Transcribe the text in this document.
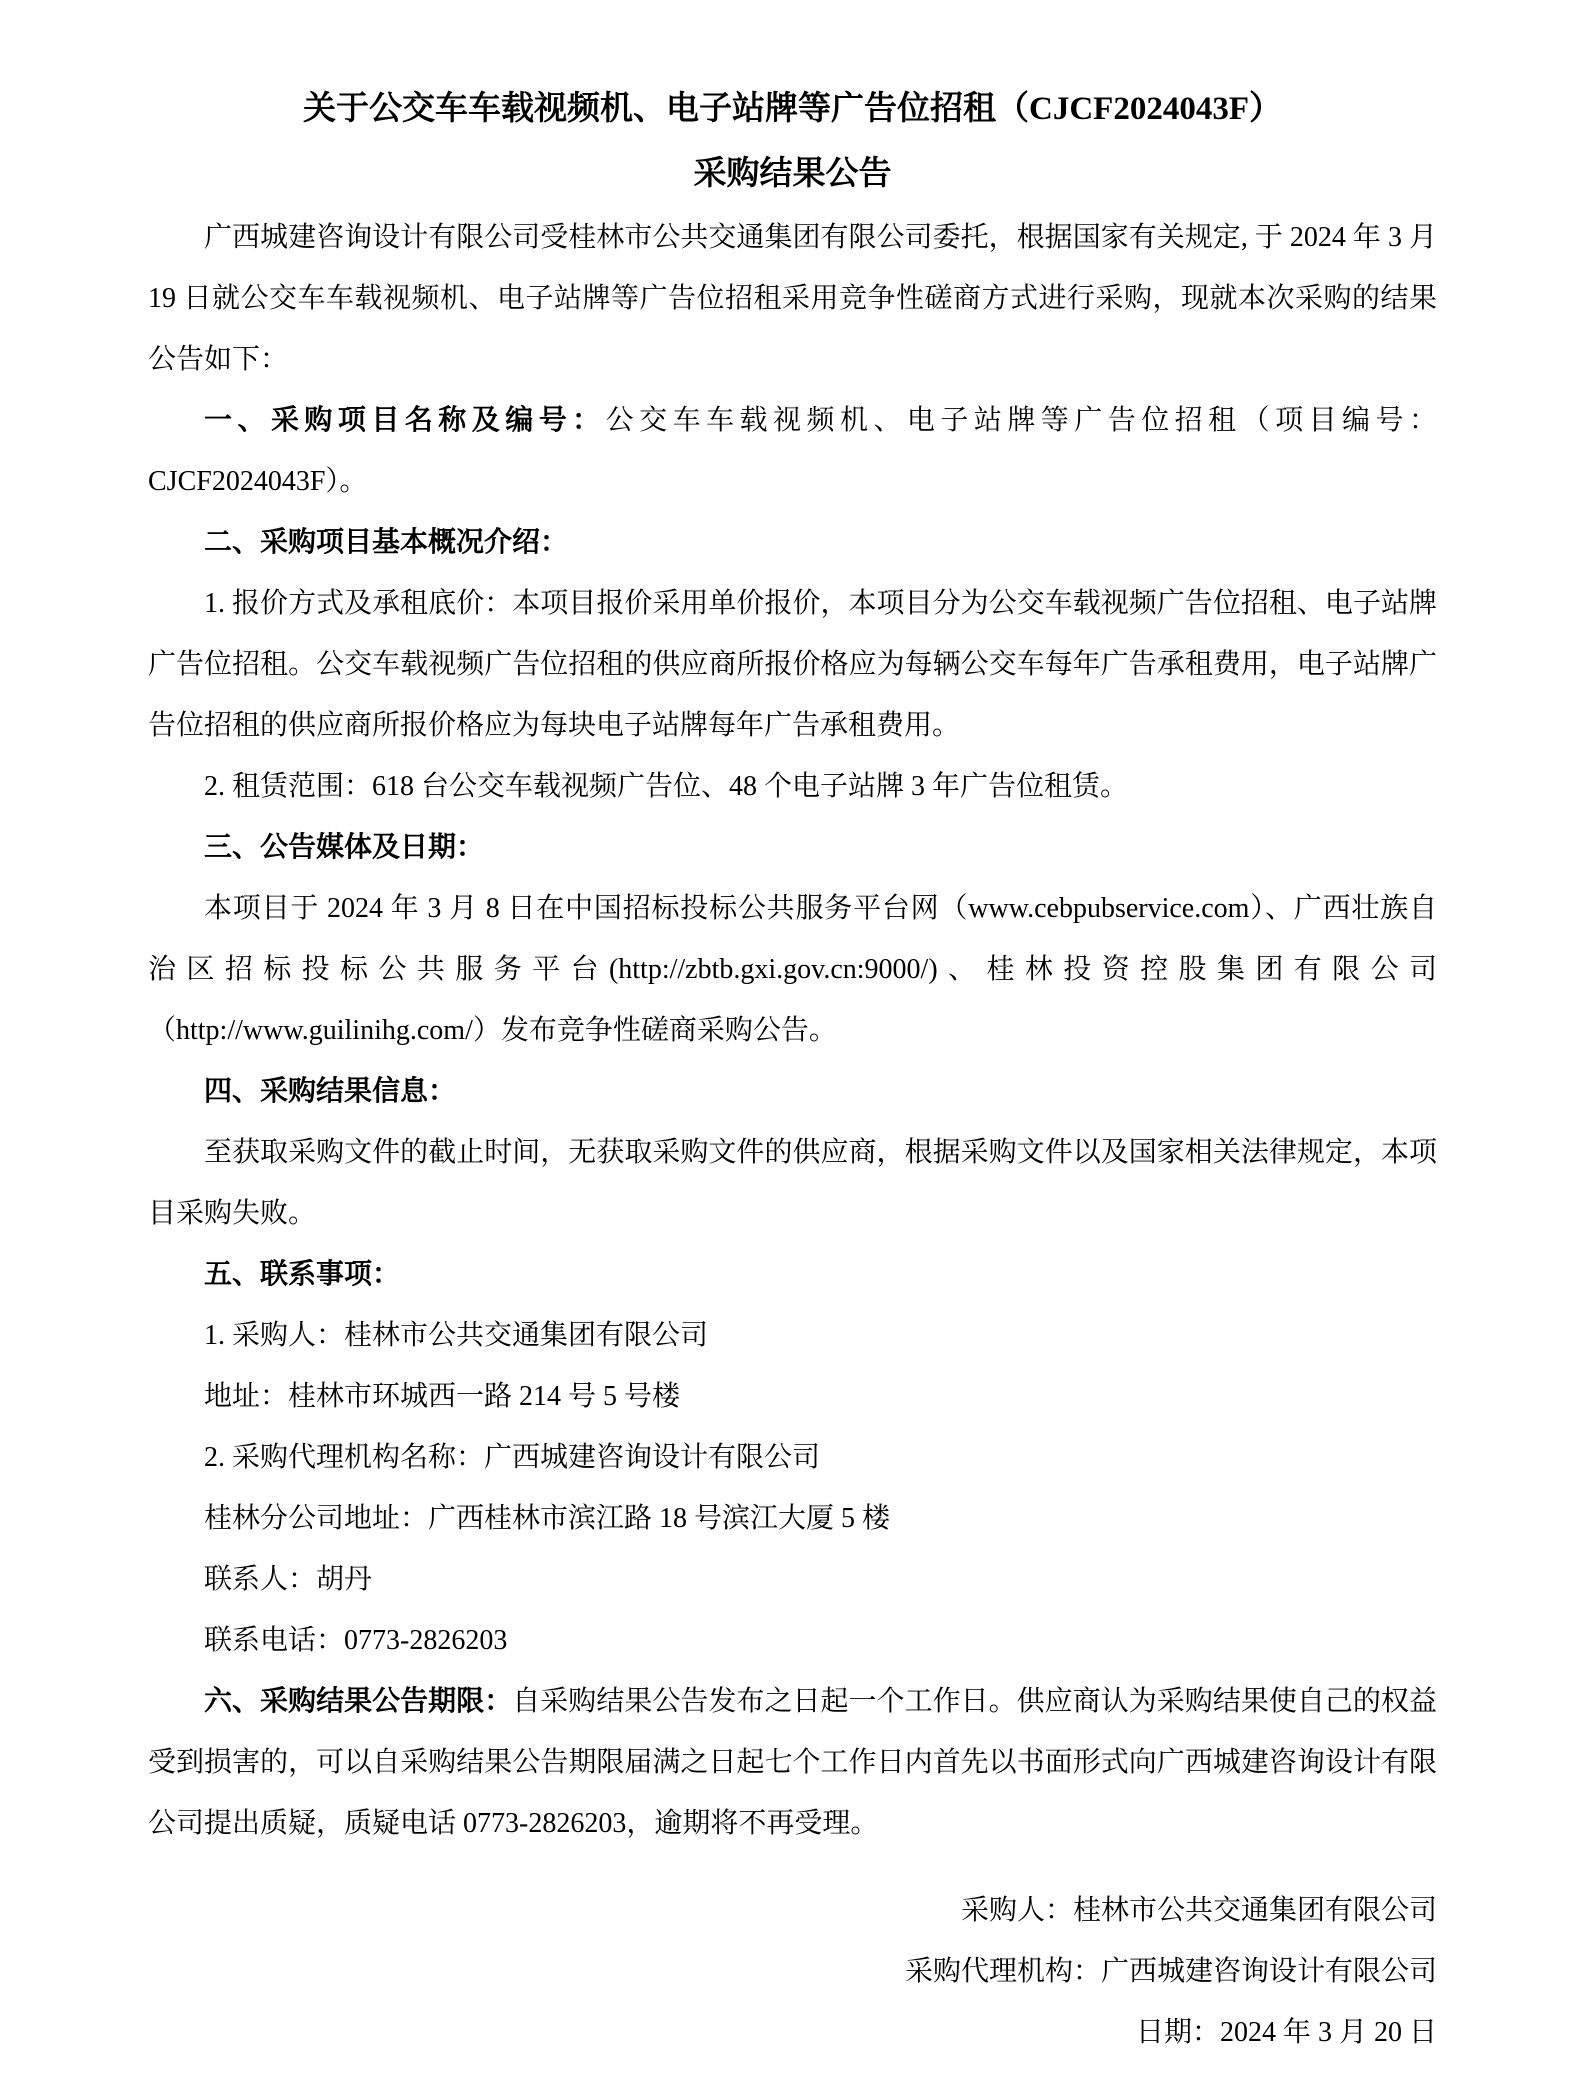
关于公交车车载视频机、电子站牌等广告位招租（CJCF2024043F）
采购结果公告

广西城建咨询设计有限公司受桂林市公共交通集团有限公司委托，根据国家有关规定, 于 2024 年 3 月 19 日就公交车车载视频机、电子站牌等广告位招租采用竞争性磋商方式进行采购，现就本次采购的结果公告如下：

一、采购项目名称及编号：公交车车载视频机、电子站牌等广告位招租（项目编号：CJCF2024043F）。

二、采购项目基本概况介绍：

1. 报价方式及承租底价：本项目报价采用单价报价，本项目分为公交车载视频广告位招租、电子站牌广告位招租。公交车载视频广告位招租的供应商所报价格应为每辆公交车每年广告承租费用，电子站牌广告位招租的供应商所报价格应为每块电子站牌每年广告承租费用。

2. 租赁范围：618 台公交车载视频广告位、48 个电子站牌 3 年广告位租赁。

三、公告媒体及日期：

本项目于 2024 年 3 月 8 日在中国招标投标公共服务平台网（www.cebpubservice.com）、广西壮族自治区招标投标公共服务平台(http://zbtb.gxi.gov.cn:9000/)、桂林投资控股集团有限公司（http://www.guilinihg.com/）发布竞争性磋商采购公告。

四、采购结果信息：

至获取采购文件的截止时间，无获取采购文件的供应商，根据采购文件以及国家相关法律规定，本项目采购失败。

五、联系事项：

1. 采购人：桂林市公共交通集团有限公司

地址：桂林市环城西一路 214 号 5 号楼

2. 采购代理机构名称：广西城建咨询设计有限公司

桂林分公司地址：广西桂林市滨江路 18 号滨江大厦 5 楼

联系人：胡丹

联系电话：0773-2826203

六、采购结果公告期限：自采购结果公告发布之日起一个工作日。供应商认为采购结果使自己的权益受到损害的，可以自采购结果公告期限届满之日起七个工作日内首先以书面形式向广西城建咨询设计有限公司提出质疑，质疑电话 0773-2826203，逾期将不再受理。

采购人：桂林市公共交通集团有限公司

采购代理机构：广西城建咨询设计有限公司

日期：2024 年 3 月 20 日
